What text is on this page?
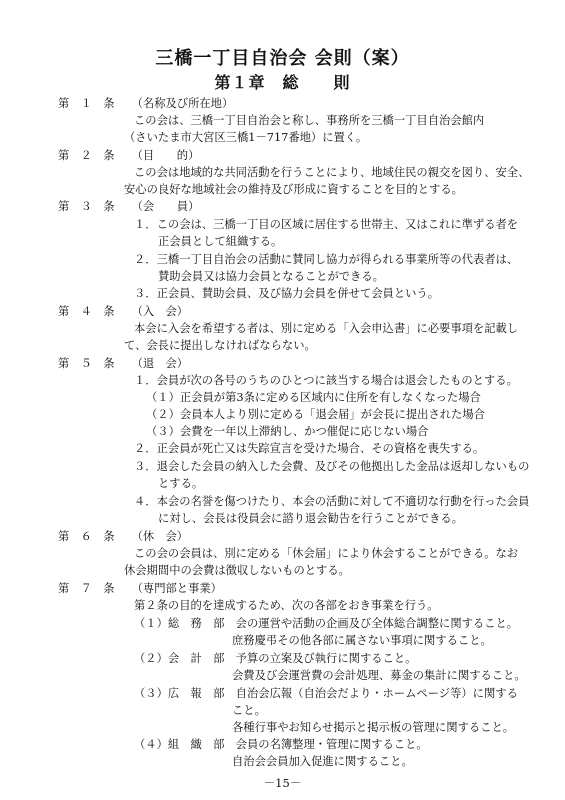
三橋一丁目自治会 会則（案）
第１章　総　　則
第　１　条 （名称及び所在地）
この会は、三橋一丁目自治会と称し、事務所を三橋一丁目自治会館内
（さいたま市大宮区三橋1－717番地）に置く。
第　２　条 （目　　的）
この会は地域的な共同活動を行うことにより、地域住民の親交を図り、安全、
安心の良好な地域社会の維持及び形成に資することを目的とする。
第　３　条 （会　　員）
１．この会は、三橋一丁目の区域に居住する世帯主、又はこれに準ずる者を
正会員として組織する。
２．三橋一丁目自治会の活動に賛同し協力が得られる事業所等の代表者は、
賛助会員又は協力会員となることができる。
３．正会員、賛助会員、及び協力会員を併せて会員という。
第　４　条 （入　会）
本会に入会を希望する者は、別に定める「入会申込書」に必要事項を記載し
て、会長に提出しなければならない。
第　５　条 （退　会）
１．会員が次の各号のうちのひとつに該当する場合は退会したものとする。
（１）正会員が第3条に定める区域内に住所を有しなくなった場合
（２）会員本人より別に定める「退会届」が会長に提出された場合
（３）会費を一年以上滞納し、かつ催促に応じない場合
２．正会員が死亡又は失踪宣言を受けた場合、その資格を喪失する。
３．退会した会員の納入した会費、及びその他拠出した金品は返却しないもの
とする。
４．本会の名誉を傷つけたり、本会の活動に対して不適切な行動を行った会員
に対し、会長は役員会に諮り退会勧告を行うことができる。
第　６　条 （休　会）
この会の会員は、別に定める「休会届」により休会することができる。なお
休会期間中の会費は徴収しないものとする。
第　７　条 （専門部と事業）
第２条の目的を達成するため、次の各部をおき事業を行う。
（１）総　務　部　会の運営や活動の企画及び全体総合調整に関すること。
庶務慶弔その他各部に属さない事項に関すること。
（２）会　計　部　予算の立案及び執行に関すること。
会費及び会運営費の会計処理、募金の集計に関すること。
（３）広　報　部　自治会広報（自治会だより・ホームページ等）に関する
こと。
各種行事やお知らせ掲示と掲示板の管理に関すること。
（４）組　織　部　会員の名簿整理・管理に関すること。
自治会会員加入促進に関すること。
－15－
